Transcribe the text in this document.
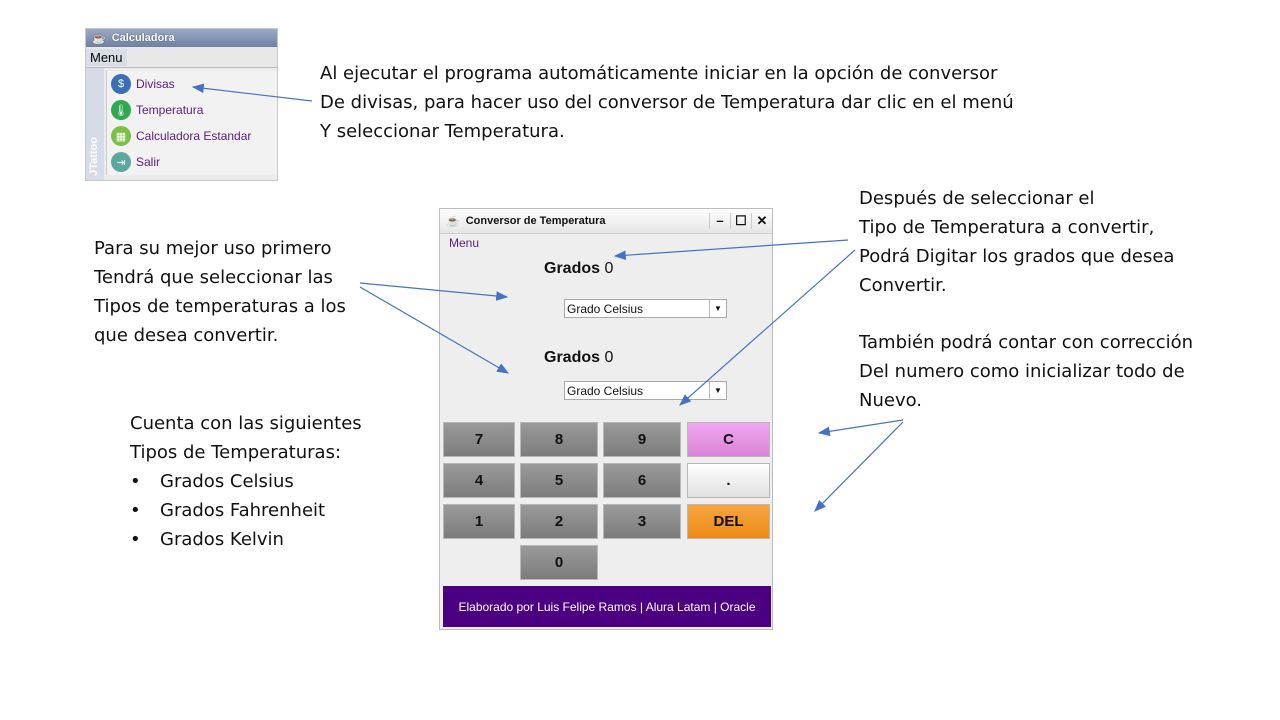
☕ Calculadora
Menu
JTattoo
$ Divisas
🌡 Temperatura
▦ Calculadora Estandar
⇥ Salir
Al ejecutar el programa automáticamente iniciar en la opción de conversor
De divisas, para hacer uso del conversor de Temperatura dar clic en el menú
Y seleccionar Temperatura.
Para su mejor uso primero
Tendrá que seleccionar las
Tipos de temperaturas a los
que desea convertir.
Cuenta con las siguientes
Tipos de Temperaturas:
• Grados Celsius
• Grados Fahrenheit
• Grados Kelvin
Después de seleccionar el
Tipo de Temperatura a convertir,
Podrá Digitar los grados que desea
Convertir.
También podrá contar con corrección
Del numero como inicializar todo de
Nuevo.
☕ Conversor de Temperatura	– ☐ ✕
Menu
Grados 0
Grado Celsius	▼
Grados 0
Grado Celsius	▼
7	8	9	C
4	5	6	.
1	2	3	DEL
0
Elaborado por Luis Felipe Ramos | Alura Latam | Oracle
